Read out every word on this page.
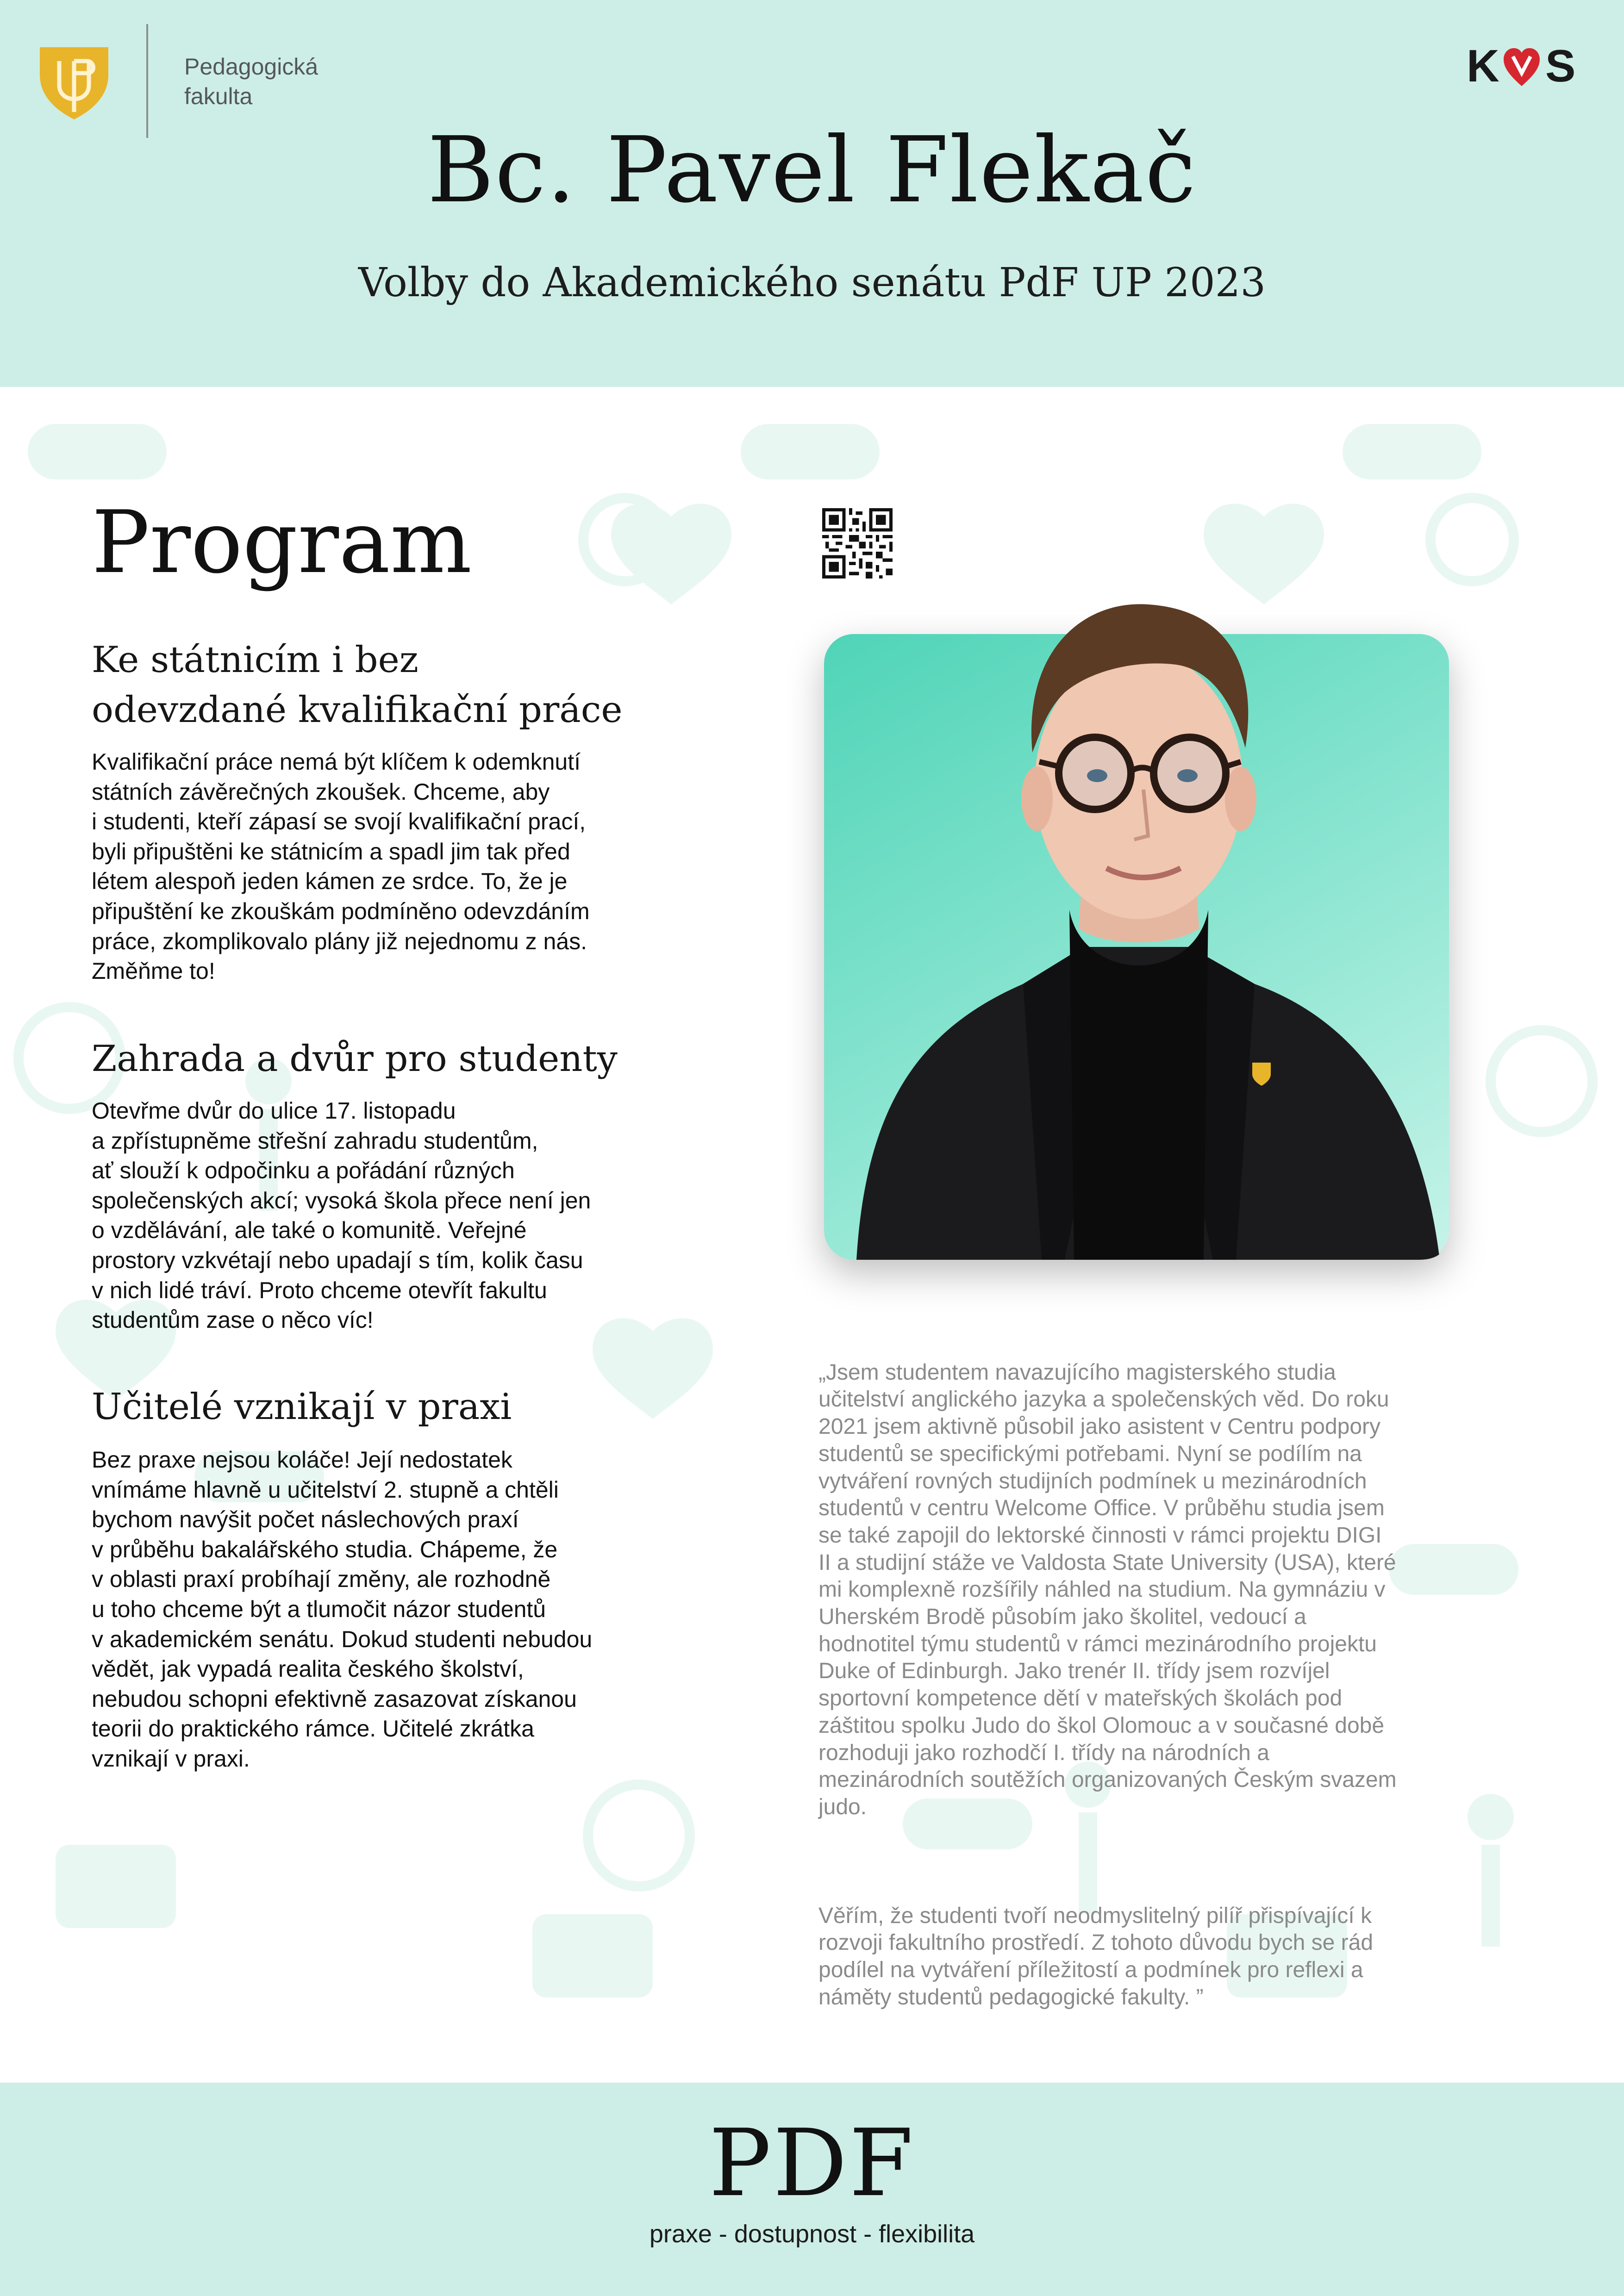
Pedagogická
fakulta
K S
Bc. Pavel Flekač
Volby do Akademického senátu PdF UP 2023
Program
Ke státnicím i bez
odevzdané kvalifikační práce
Kvalifikační práce nemá být klíčem k odemknutí
státních závěrečných zkoušek. Chceme, aby
i studenti, kteří zápasí se svojí kvalifikační prací,
byli připuštěni ke státnicím a spadl jim tak před
létem alespoň jeden kámen ze srdce. To, že je
připuštění ke zkouškám podmíněno odevzdáním
práce, zkomplikovalo plány již nejednomu z nás.
Změňme to!
Zahrada a dvůr pro studenty
Otevřme dvůr do ulice 17. listopadu
a zpřístupněme střešní zahradu studentům,
ať slouží k odpočinku a pořádání různých
společenských akcí; vysoká škola přece není jen
o vzdělávání, ale také o komunitě. Veřejné
prostory vzkvétají nebo upadají s tím, kolik času
v nich lidé tráví. Proto chceme otevřít fakultu
studentům zase o něco víc!
Učitelé vznikají v praxi
Bez praxe nejsou koláče! Její nedostatek
vnímáme hlavně u učitelství 2. stupně a chtěli
bychom navýšit počet náslechových praxí
v průběhu bakalářského studia. Chápeme, že
v oblasti praxí probíhají změny, ale rozhodně
u toho chceme být a tlumočit názor studentů
v akademickém senátu. Dokud studenti nebudou
vědět, jak vypadá realita českého školství,
nebudou schopni efektivně zasazovat získanou
teorii do praktického rámce. Učitelé zkrátka
vznikají v praxi.

„Jsem studentem navazujícího magisterského studia
učitelství anglického jazyka a společenských věd. Do roku
2021 jsem aktivně působil jako asistent v Centru podpory
studentů se specifickými potřebami. Nyní se podílím na
vytváření rovných studijních podmínek u mezinárodních
studentů v centru Welcome Office. V průběhu studia jsem
se také zapojil do lektorské činnosti v rámci projektu DIGI
II a studijní stáže ve Valdosta State University (USA), které
mi komplexně rozšířily náhled na studium. Na gymnáziu v
Uherském Brodě působím jako školitel, vedoucí a
hodnotitel týmu studentů v rámci mezinárodního projektu
Duke of Edinburgh. Jako trenér II. třídy jsem rozvíjel
sportovní kompetence dětí v mateřských školách pod
záštitou spolku Judo do škol Olomouc a v současné době
rozhoduji jako rozhodčí I. třídy na národních a
mezinárodních soutěžích organizovaných Českým svazem
judo.

Věřím, že studenti tvoří neodmyslitelný pilíř přispívající k
rozvoji fakultního prostředí. Z tohoto důvodu bych se rád
podílel na vytváření příležitostí a podmínek pro reflexi a
náměty studentů pedagogické fakulty. ”

PDF
praxe - dostupnost - flexibilita
